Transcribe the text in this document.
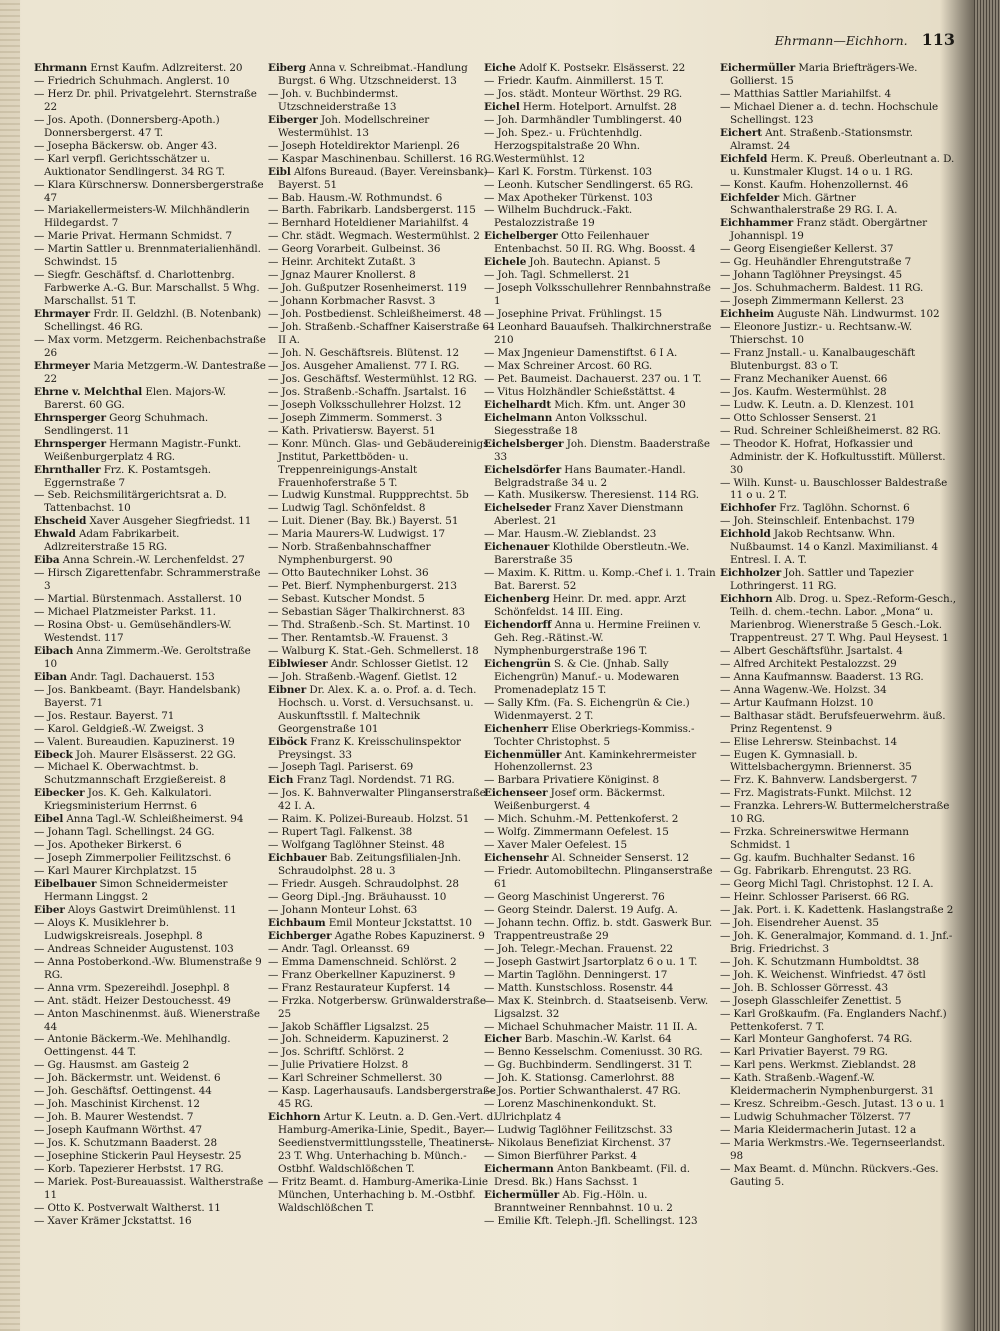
Ehrmann—Eichhorn. 113

Ehrmann Ernst Kaufm. Adlzreiterst. 20

— Friedrich Schuhmach. Anglerst. 10

— Herz Dr. phil. Privatgelehrt. Sternstraße 22

— Jos. Apoth. (Donnersberg-Apoth.) Donnersbergerst. 47 T.

— Josepha Bäckersw. ob. Anger 43.

— Karl verpfl. Gerichtsschätzer u. Auktionator Sendlingerst. 34 RG T.

— Klara Kürschnersw. Donnersbergerstraße 47

— Mariakellermeisters-W. Milchhändlerin Hildegardst. 7

— Marie Privat. Hermann Schmidst. 7

— Martin Sattler u. Brennmaterialienhändl. Schwindst. 15

— Siegfr. Geschäftsf. d. Charlottenbrg. Farbwerke A.-G. Bur. Marschallst. 5 Whg. Marschallst. 51 T.

Ehrmayer Frdr. II. Geldzhl. (B. Notenbank) Schellingst. 46 RG.

— Max vorm. Metzgerm. Reichenbachstraße 26

Ehrmeyer Maria Metzgerm.-W. Dantestraße 22

Ehrne v. Melchthal Elen. Majors-W. Barerst. 60 GG.

Ehrnsperger Georg Schuhmach. Sendlingerst. 11

Ehrnsperger Hermann Magistr.-Funkt. Weißenburgerplatz 4 RG.

Ehrnthaller Frz. K. Postamtsgeh. Eggernstraße 7

— Seb. Reichsmilitärgerichtsrat a. D. Tattenbachst. 10

Ehscheid Xaver Ausgeher Siegfriedst. 11

Ehwald Adam Fabrikarbeit. Adlzreiterstraße 15 RG.

Eiba Anna Schrein.-W. Lerchenfeldst. 27

— Hirsch Zigarettenfabr. Schrammerstraße 3

— Martial. Bürstenmach. Asstallerst. 10

— Michael Platzmeister Parkst. 11.

— Rosina Obst- u. Gemüsehändlers-W. Westendst. 117

Eibach Anna Zimmerm.-We. Geroltstraße 10

Eiban Andr. Tagl. Dachauerst. 153

— Jos. Bankbeamt. (Bayr. Handelsbank) Bayerst. 71

— Jos. Restaur. Bayerst. 71

— Karol. Geldgieß.-W. Zweigst. 3

— Valent. Bureaudien. Kapuzinerst. 19

Eibeck Joh. Maurer Elsässerst. 22 GG.

— Michael K. Oberwachtmst. b. Schutzmannschaft Erzgießereist. 8

Eibecker Jos. K. Geh. Kalkulatori. Kriegsministerium Herrnst. 6

Eibel Anna Tagl.-W. Schleißheimerst. 94

— Johann Tagl. Schellingst. 24 GG.

— Jos. Apotheker Birkerst. 6

— Joseph Zimmerpolier Feilitzschst. 6

— Karl Maurer Kirchplatzst. 15

Eibelbauer Simon Schneidermeister Hermann Linggst. 2

Eiber Aloys Gastwirt Dreimühlenst. 11

— Aloys K. Musiklehrer b. Ludwigskreisreals. Josephpl. 8

— Andreas Schneider Augustenst. 103

— Anna Postoberkond.-Ww. Blumenstraße 9 RG.

— Anna vrm. Spezereihdl. Josephpl. 8

— Ant. städt. Heizer Destouchesst. 49

— Anton Maschinenmst. äuß. Wienerstraße 44

— Antonie Bäckerm.-We. Mehlhandlg. Oettingenst. 44 T.

— Gg. Hausmst. am Gasteig 2

— Joh. Bäckermstr. unt. Weidenst. 6

— Joh. Geschäftsf. Oettingenst. 44

— Joh. Maschinist Kirchenst. 12

— Joh. B. Maurer Westendst. 7

— Joseph Kaufmann Wörthst. 47

— Jos. K. Schutzmann Baaderst. 28

— Josephine Stickerin Paul Heysestr. 25

— Korb. Tapezierer Herbstst. 17 RG.

— Mariek. Post-Bureauassist. Waltherstraße 11

— Otto K. Postverwalt Waltherst. 11

— Xaver Krämer Jckstattst. 16

Eiberg Anna v. Schreibmat.-Handlung Burgst. 6 Whg. Utzschneiderst. 13

— Joh. v. Buchbindermst. Utzschneiderstraße 13

Eiberger Joh. Modellschreiner Westermühlst. 13

— Joseph Hoteldirektor Marienpl. 26

— Kaspar Maschinenbau. Schillerst. 16 RG.

Eibl Alfons Bureaud. (Bayer. Vereinsbank) Bayerst. 51

— Bab. Hausm.-W. Rothmundst. 6

— Barth. Fabrikarb. Landsbergerst. 115

— Bernhard Hoteldiener Mariahilfst. 4

— Chr. städt. Wegmach. Westermühlst. 2

— Georg Vorarbeit. Gulbeinst. 36

— Heinr. Architekt Zutaßt. 3

— Jgnaz Maurer Knollerst. 8

— Joh. Gußputzer Rosenheimerst. 119

— Johann Korbmacher Rasvst. 3

— Joh. Postbedienst. Schleißheimerst. 48

— Joh. Straßenb.-Schaffner Kaiserstraße 61 II A.

— Joh. N. Geschäftsreis. Blütenst. 12

— Jos. Ausgeher Amalienst. 77 I. RG.

— Jos. Geschäftsf. Westermühlst. 12 RG.

— Jos. Straßenb.-Schaffn. Jsartalst. 16

— Joseph Volksschullehrer Holzst. 12

— Joseph Zimmerm. Sommerst. 3

— Kath. Privatiersw. Bayerst. 51

— Konr. Münch. Glas- und Gebäudereinigs.-Jnstitut, Parkettböden- u. Treppenreinigungs-Anstalt Frauenhoferstraße 5 T.

— Ludwig Kunstmal. Ruppprechtst. 5b

— Ludwig Tagl. Schönfeldst. 8

— Luit. Diener (Bay. Bk.) Bayerst. 51

— Maria Maurers-W. Ludwigst. 17

— Norb. Straßenbahnschaffner Nymphenburgerst. 90

— Otto Bautechniker Lohst. 36

— Pet. Bierf. Nymphenburgerst. 213

— Sebast. Kutscher Mondst. 5

— Sebastian Säger Thalkirchnerst. 83

— Thd. Straßenb.-Sch. St. Martinst. 10

— Ther. Rentamtsb.-W. Frauenst. 3

— Walburg K. Stat.-Geh. Schmellerst. 18

Eiblwieser Andr. Schlosser Gietlst. 12

— Joh. Straßenb.-Wagenf. Gietlst. 12

Eibner Dr. Alex. K. a. o. Prof. a. d. Tech. Hochsch. u. Vorst. d. Versuchsanst. u. Auskunftsstll. f. Maltechnik Georgenstraße 101

Eiböck Franz K. Kreisschulinspektor Preysingst. 33

— Joseph Tagl. Pariserst. 69

Eich Franz Tagl. Nordendst. 71 RG.

— Jos. K. Bahnverwalter Plinganserstraße 42 I. A.

— Raim. K. Polizei-Bureaub. Holzst. 51

— Rupert Tagl. Falkenst. 38

— Wolfgang Taglöhner Steinst. 48

Eichbauer Bab. Zeitungsfilialen-Jnh. Schraudolphst. 28 u. 3

— Friedr. Ausgeh. Schraudolphst. 28

— Georg Dipl.-Jng. Bräuhausst. 10

— Johann Monteur Lohst. 63

Eichbaum Emil Monteur Jckstattst. 10

Eichberger Agathe Robes Kapuzinerst. 9

— Andr. Tagl. Orleansst. 69

— Emma Damenschneid. Schlörst. 2

— Franz Oberkellner Kapuzinerst. 9

— Franz Restaurateur Kupferst. 14

— Frzka. Notgerbersw. Grünwalderstraße 25

— Jakob Schäffler Ligsalzst. 25

— Joh. Schneiderm. Kapuzinerst. 2

— Jos. Schriftf. Schlörst. 2

— Julie Privatiere Holzst. 8

— Karl Schreiner Schmellerst. 30

— Kasp. Lagerhausaufs. Landsbergerstraße 45 RG.

Eichhorn Artur K. Leutn. a. D. Gen.-Vert. d. Hamburg-Amerika-Linie, Spedit., Bayer. Seedienstvermittlungsstelle, Theatinerst. 23 T. Whg. Unterhaching b. Münch.-Ostbhf. Waldschlößchen T.

— Fritz Beamt. d. Hamburg-Amerika-Linie München, Unterhaching b. M.-Ostbhf. Waldschlößchen T.

Eiche Adolf K. Postsekr. Elsässerst. 22

— Friedr. Kaufm. Ainmillerst. 15 T.

— Jos. städt. Monteur Wörthst. 29 RG.

Eichel Herm. Hotelport. Arnulfst. 28

— Joh. Darmhändler Tumblingerst. 40

— Joh. Spez.- u. Früchtenhdlg. Herzogspitalstraße 20 Whn. Westermühlst. 12

— Karl K. Forstm. Türkenst. 103

— Leonh. Kutscher Sendlingerst. 65 RG.

— Max Apotheker Türkenst. 103

— Wilhelm Buchdruck.-Fakt. Pestalozzistraße 19

Eichelberger Otto Feilenhauer Entenbachst. 50 II. RG. Whg. Boosst. 4

Eichele Joh. Bautechn. Apianst. 5

— Joh. Tagl. Schmellerst. 21

— Joseph Volksschullehrer Rennbahnstraße 1

— Josephine Privat. Frühlingst. 15

— Leonhard Bauaufseh. Thalkirchnerstraße 210

— Max Jngenieur Damenstiftst. 6 I A.

— Max Schreiner Arcost. 60 RG.

— Pet. Baumeist. Dachauerst. 237 ou. 1 T.

— Vitus Holzhändler Schießstättst. 4

Eichelhardt Mich. Kfm. unt. Anger 30

Eichelmann Anton Volksschul. Siegesstraße 18

Eichelsberger Joh. Dienstm. Baaderstraße 33

Eichelsdörfer Hans Baumater.-Handl. Belgradstraße 34 u. 2

— Kath. Musikersw. Theresienst. 114 RG.

Eichelseder Franz Xaver Dienstmann Aberlest. 21

— Mar. Hausm.-W. Zieblandst. 23

Eichenauer Klothilde Oberstleutn.-We. Barerstraße 35

— Maxim. K. Rittm. u. Komp.-Chef i. 1. Train Bat. Barerst. 52

Eichenberg Heinr. Dr. med. appr. Arzt Schönfeldst. 14 III. Eing.

Eichendorff Anna u. Hermine Freiinen v. Geh. Reg.-Rätinst.-W. Nymphenburgerstraße 196 T.

Eichengrün S. & Cie. (Jnhab. Sally Eichengrün) Manuf.- u. Modewaren Promenadeplatz 15 T.

— Sally Kfm. (Fa. S. Eichengrün & Cie.) Widenmayerst. 2 T.

Eichenherr Elise Oberkriegs-Kommiss.-Tochter Christophst. 5

Eichenmüller Ant. Kaminkehrermeister Hohenzollernst. 23

— Barbara Privatiere Königinst. 8

Eichenseer Josef orm. Bäckermst. Weißenburgerst. 4

— Mich. Schuhm.-M. Pettenkoferst. 2

— Wolfg. Zimmermann Oefelest. 15

— Xaver Maler Oefelest. 15

Eichensehr Al. Schneider Senserst. 12

— Friedr. Automobiltechn. Plinganserstraße 61

— Georg Maschinist Ungererst. 76

— Georg Steindr. Dalerst. 19 Aufg. A.

— Johann techn. Offiz. b. stdt. Gaswerk Bur. Trappentreustraße 29

— Joh. Telegr.-Mechan. Frauenst. 22

— Joseph Gastwirt Jsartorplatz 6 o u. 1 T.

— Martin Taglöhn. Denningerst. 17

— Matth. Kunstschloss. Rosenstr. 44

— Max K. Steinbrch. d. Staatseisenb. Verw. Ligsalzst. 32

— Michael Schuhmacher Maistr. 11 II. A.

Eicher Barb. Maschin.-W. Karlst. 64

— Benno Kesselschm. Comeniusst. 30 RG.

— Gg. Buchbinderm. Sendlingerst. 31 T.

— Joh. K. Stationsg. Camerlohrst. 88

— Jos. Portier Schwanthalerst. 47 RG.

— Lorenz Maschinenkondukt. St. Ulrichplatz 4

— Ludwig Taglöhner Feilitzschst. 33

— Nikolaus Benefiziat Kirchenst. 37

— Simon Bierführer Parkst. 4

Eichermann Anton Bankbeamt. (Fil. d. Dresd. Bk.) Hans Sachsst. 1

Eichermüller Ab. Fig.-Höln. u. Branntweiner Rennbahnst. 10 u. 2

— Emilie Kft. Teleph.-Jfl. Schellingst. 123

Eichermüller Maria Briefträgers-We. Gollierst. 15

— Matthias Sattler Mariahilfst. 4

— Michael Diener a. d. techn. Hochschule Schellingst. 123

Eichert Ant. Straßenb.-Stationsmstr. Alramst. 24

Eichfeld Herm. K. Preuß. Oberleutnant a. D. u. Kunstmaler Klugst. 14 o u. 1 RG.

— Konst. Kaufm. Hohenzollernst. 46

Eichfelder Mich. Gärtner Schwanthalerstraße 29 RG. I. A.

Eichhammer Franz städt. Obergärtner Johannispl. 19

— Georg Eisengießer Kellerst. 37

— Gg. Heuhändler Ehrengutstraße 7

— Johann Taglöhner Preysingst. 45

— Jos. Schuhmacherm. Baldest. 11 RG.

— Joseph Zimmermann Kellerst. 23

Eichheim Auguste Näh. Lindwurmst. 102

— Eleonore Justizr.- u. Rechtsanw.-W. Thierschst. 10

— Franz Jnstall.- u. Kanalbaugeschäft Blutenburgst. 83 o T.

— Franz Mechaniker Auenst. 66

— Jos. Kaufm. Westermühlst. 28

— Ludw. K. Leutn. a. D. Klenzest. 101

— Otto Schlosser Senserst. 21

— Rud. Schreiner Schleißheimerst. 82 RG.

— Theodor K. Hofrat, Hofkassier und Administr. der K. Hofkultusstift. Müllerst. 30

— Wilh. Kunst- u. Bauschlosser Baldestraße 11 o u. 2 T.

Eichhofer Frz. Taglöhn. Schornst. 6

— Joh. Steinschleif. Entenbachst. 179

Eichhold Jakob Rechtsanw. Whn. Nußbaumst. 14 o Kanzl. Maximilianst. 4 Entresl. I. A. T.

Eichholzer Joh. Sattler und Tapezier Lothringerst. 11 RG.

Eichhorn Alb. Drog. u. Spez.-Reform-Gesch., Teilh. d. chem.-techn. Labor. „Mona“ u. Marienbrog. Wienerstraße 5 Gesch.-Lok. Trappentreust. 27 T. Whg. Paul Heysest. 1

— Albert Geschäftsführ. Jsartalst. 4

— Alfred Architekt Pestalozzst. 29

— Anna Kaufmannsw. Baaderst. 13 RG.

— Anna Wagenw.-We. Holzst. 34

— Artur Kaufmann Holzst. 10

— Balthasar städt. Berufsfeuerwehrm. äuß. Prinz Regentenst. 9

— Elise Lehrersw. Steinbachst. 14

— Eugen K. Gymnasiall. b. Wittelsbachergymn. Briennerst. 35

— Frz. K. Bahnverw. Landsbergerst. 7

— Frz. Magistrats-Funkt. Milchst. 12

— Franzka. Lehrers-W. Buttermelcherstraße 10 RG.

— Frzka. Schreinerswitwe Hermann Schmidst. 1

— Gg. kaufm. Buchhalter Sedanst. 16

— Gg. Fabrikarb. Ehrengutst. 23 RG.

— Georg Michl Tagl. Christophst. 12 I. A.

— Heinr. Schlosser Pariserst. 66 RG.

— Jak. Port. i. K. Kadettenk. Haslangstraße 2

— Joh. Eisendreher Auenst. 35

— Joh. K. Generalmajor, Kommand. d. 1. Jnf.-Brig. Friedrichst. 3

— Joh. K. Schutzmann Humboldtst. 38

— Joh. K. Weichenst. Winfriedst. 47 östl

— Joh. B. Schlosser Görresst. 43

— Joseph Glasschleifer Zenettist. 5

— Karl Großkaufm. (Fa. Englanders Nachf.) Pettenkoferst. 7 T.

— Karl Monteur Ganghoferst. 74 RG.

— Karl Privatier Bayerst. 79 RG.

— Karl pens. Werkmst. Zieblandst. 28

— Kath. Straßenb.-Wagenf.-W. Kleidermacherin Nymphenburgerst. 31

— Kresz. Schreibm.-Gesch. Jutast. 13 o u. 1

— Ludwig Schuhmacher Tölzerst. 77

— Maria Kleidermacherin Jutast. 12 a

— Maria Werkmstrs.-We. Tegernseerlandst. 98

— Max Beamt. d. Münchn. Rückvers.-Ges. Gauting 5.
